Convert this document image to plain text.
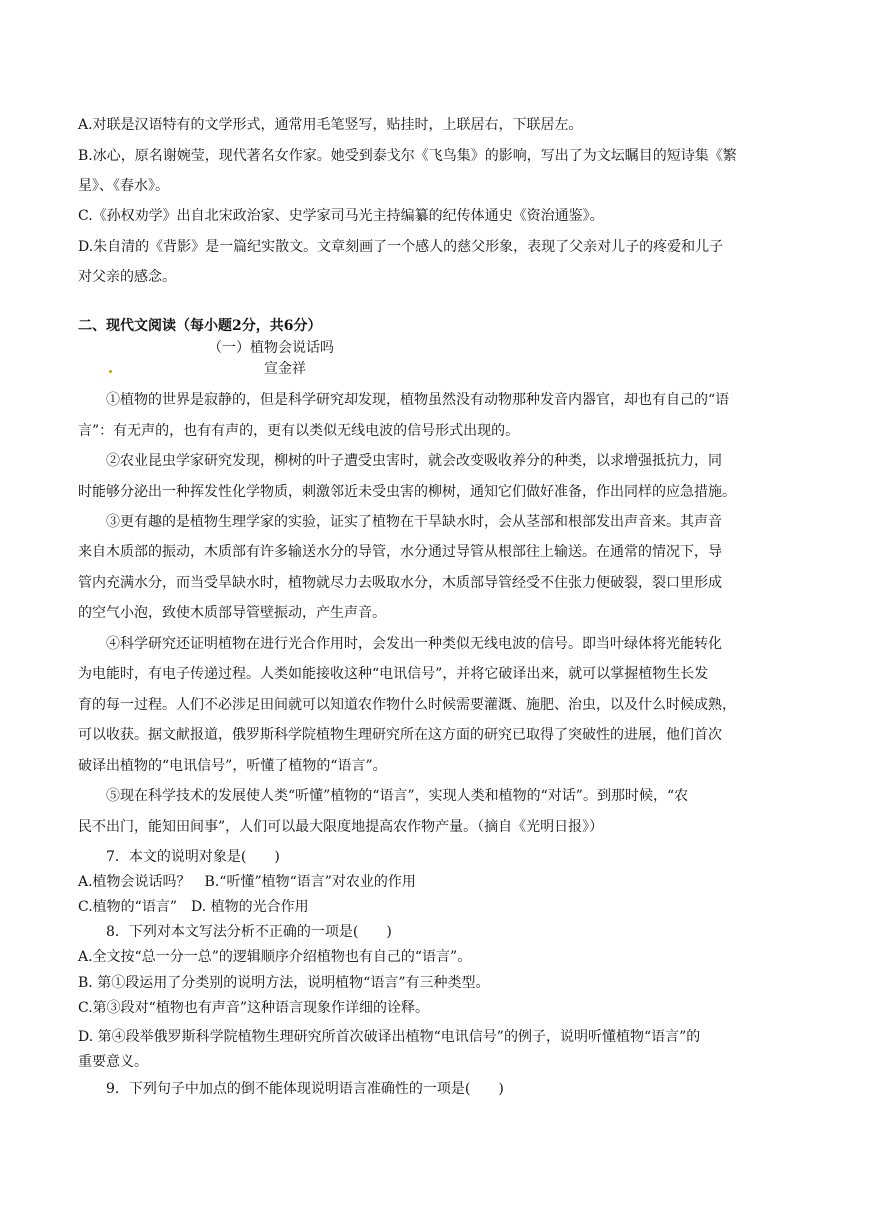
A.对联是汉语特有的文学形式，通常用毛笔竖写，贴挂时，上联居右，下联居左。
B.冰心，原名谢婉莹，现代著名女作家。她受到泰戈尔《飞鸟集》的影响，写出了为文坛瞩目的短诗集《繁
星》、《春水》。
C.《孙权劝学》出自北宋政治家、史学家司马光主持编纂的纪传体通史《资治通鉴》。
D.朱自清的《背影》是一篇纪实散文。文章刻画了一个感人的慈父形象，表现了父亲对儿子的疼爱和儿子
对父亲的感念。
二、现代文阅读（每小题2分，共6分）
（一）植物会说话吗
宣金祥
①植物的世界是寂静的，但是科学研究却发现，植物虽然没有动物那种发音内器官，却也有自己的“语
言”：有无声的，也有有声的，更有以类似无线电波的信号形式出现的。
②农业昆虫学家研究发现，柳树的叶子遭受虫害时，就会改变吸收养分的种类，以求增强抵抗力，同
时能够分泌出一种挥发性化学物质，刺激邻近未受虫害的柳树，通知它们做好准备，作出同样的应急措施。
③更有趣的是植物生理学家的实验，证实了植物在干旱缺水时，会从茎部和根部发出声音来。其声音
来自木质部的振动，木质部有许多输送水分的导管，水分通过导管从根部往上输送。在通常的情况下，导
管内充满水分，而当受旱缺水时，植物就尽力去吸取水分，木质部导管经受不住张力便破裂，裂口里形成
的空气小泡，致使木质部导管壁振动，产生声音。
④科学研究还证明植物在进行光合作用时，会发出一种类似无线电波的信号。即当叶绿体将光能转化
为电能时，有电子传递过程。人类如能接收这种“电讯信号”，并将它破译出来，就可以掌握植物生长发
育的每一过程。人们不必涉足田间就可以知道农作物什么时候需要灌溉、施肥、治虫，以及什么时候成熟，
可以收获。据文献报道，俄罗斯科学院植物生理研究所在这方面的研究已取得了突破性的进展，他们首次
破译出植物的“电讯信号”，听懂了植物的“语言”。
⑤现在科学技术的发展使人类“听懂”植物的“语言”，实现人类和植物的“对话”。到那时候，“农
民不出门，能知田间事”，人们可以最大限度地提高农作物产量。（摘自《光明日报》）
7．本文的说明对象是(　　)
A.植物会说话吗？　B.“听懂”植物“语言”对农业的作用
C.植物的“语言”　D. 植物的光合作用
8．下列对本文写法分析不正确的一项是(　　)
A.全文按“总一分一总”的逻辑顺序介绍植物也有自己的“语言”。
B. 第①段运用了分类别的说明方法，说明植物“语言”有三种类型。
C.第③段对“植物也有声音”这种语言现象作详细的诠释。
D. 第④段举俄罗斯科学院植物生理研究所首次破译出植物“电讯信号”的例子，说明听懂植物“语言”的
重要意义。
9．下列句子中加点的倒不能体现说明语言准确性的一项是(　　)
